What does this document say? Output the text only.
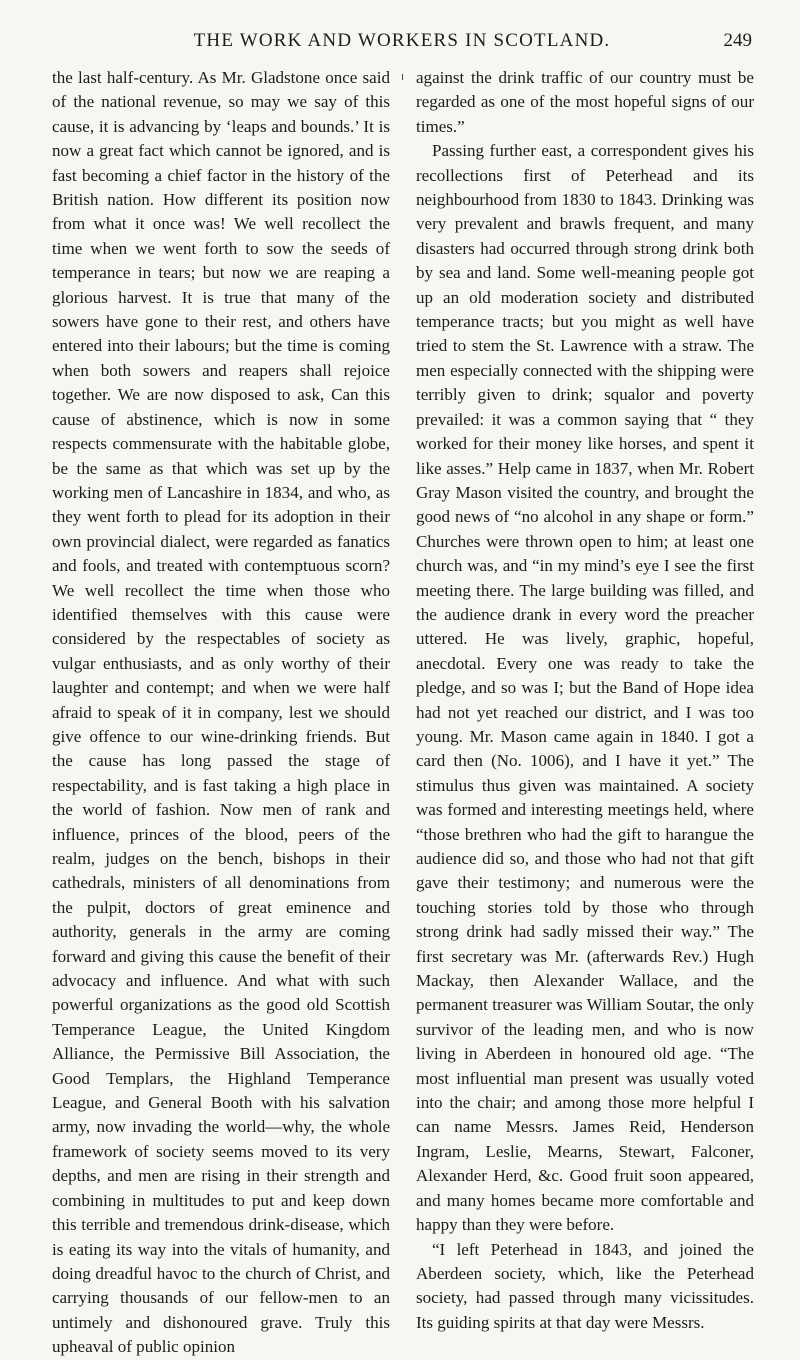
THE WORK AND WORKERS IN SCOTLAND.	249

the last half-century. As Mr. Gladstone once said of the national revenue, so may we say of this cause, it is advancing by ‘leaps and bounds.’ It is now a great fact which cannot be ignored, and is fast becoming a chief factor in the history of the British nation. How different its position now from what it once was! We well recollect the time when we went forth to sow the seeds of temperance in tears; but now we are reaping a glorious harvest. It is true that many of the sowers have gone to their rest, and others have entered into their labours; but the time is coming when both sowers and reapers shall rejoice together. We are now disposed to ask, Can this cause of abstinence, which is now in some respects commensurate with the habitable globe, be the same as that which was set up by the working men of Lancashire in 1834, and who, as they went forth to plead for its adoption in their own provincial dialect, were regarded as fanatics and fools, and treated with contemptuous scorn? We well recollect the time when those who identified themselves with this cause were considered by the respectables of society as vulgar enthusiasts, and as only worthy of their laughter and contempt; and when we were half afraid to speak of it in company, lest we should give offence to our wine-drinking friends. But the cause has long passed the stage of respectability, and is fast taking a high place in the world of fashion. Now men of rank and influence, princes of the blood, peers of the realm, judges on the bench, bishops in their cathedrals, ministers of all denominations from the pulpit, doctors of great eminence and authority, generals in the army are coming forward and giving this cause the benefit of their advocacy and influence. And what with such powerful organizations as the good old Scottish Temperance League, the United Kingdom Alliance, the Permissive Bill Association, the Good Templars, the Highland Temperance League, and General Booth with his salvation army, now invading the world—why, the whole framework of society seems moved to its very depths, and men are rising in their strength and combining in multitudes to put and keep down this terrible and tremendous drink-disease, which is eating its way into the vitals of humanity, and doing dreadful havoc to the church of Christ, and carrying thousands of our fellow-men to an untimely and dishonoured grave. Truly this upheaval of public opinion

against the drink traffic of our country must be regarded as one of the most hopeful signs of our times.”

Passing further east, a correspondent gives his recollections first of Peterhead and its neighbourhood from 1830 to 1843. Drinking was very prevalent and brawls frequent, and many disasters had occurred through strong drink both by sea and land. Some well-meaning people got up an old moderation society and distributed temperance tracts; but you might as well have tried to stem the St. Lawrence with a straw. The men especially connected with the shipping were terribly given to drink; squalor and poverty prevailed: it was a common saying that “ they worked for their money like horses, and spent it like asses.” Help came in 1837, when Mr. Robert Gray Mason visited the country, and brought the good news of “no alcohol in any shape or form.” Churches were thrown open to him; at least one church was, and “in my mind’s eye I see the first meeting there. The large building was filled, and the audience drank in every word the preacher uttered. He was lively, graphic, hopeful, anecdotal. Every one was ready to take the pledge, and so was I; but the Band of Hope idea had not yet reached our district, and I was too young. Mr. Mason came again in 1840. I got a card then (No. 1006), and I have it yet.” The stimulus thus given was maintained. A society was formed and interesting meetings held, where “those brethren who had the gift to harangue the audience did so, and those who had not that gift gave their testimony; and numerous were the touching stories told by those who through strong drink had sadly missed their way.” The first secretary was Mr. (afterwards Rev.) Hugh Mackay, then Alexander Wallace, and the permanent treasurer was William Soutar, the only survivor of the leading men, and who is now living in Aberdeen in honoured old age. “The most influential man present was usually voted into the chair; and among those more helpful I can name Messrs. James Reid, Henderson Ingram, Leslie, Mearns, Stewart, Falconer, Alexander Herd, &c. Good fruit soon appeared, and many homes became more comfortable and happy than they were before.

“I left Peterhead in 1843, and joined the Aberdeen society, which, like the Peterhead society, had passed through many vicissitudes. Its guiding spirits at that day were Messrs.
